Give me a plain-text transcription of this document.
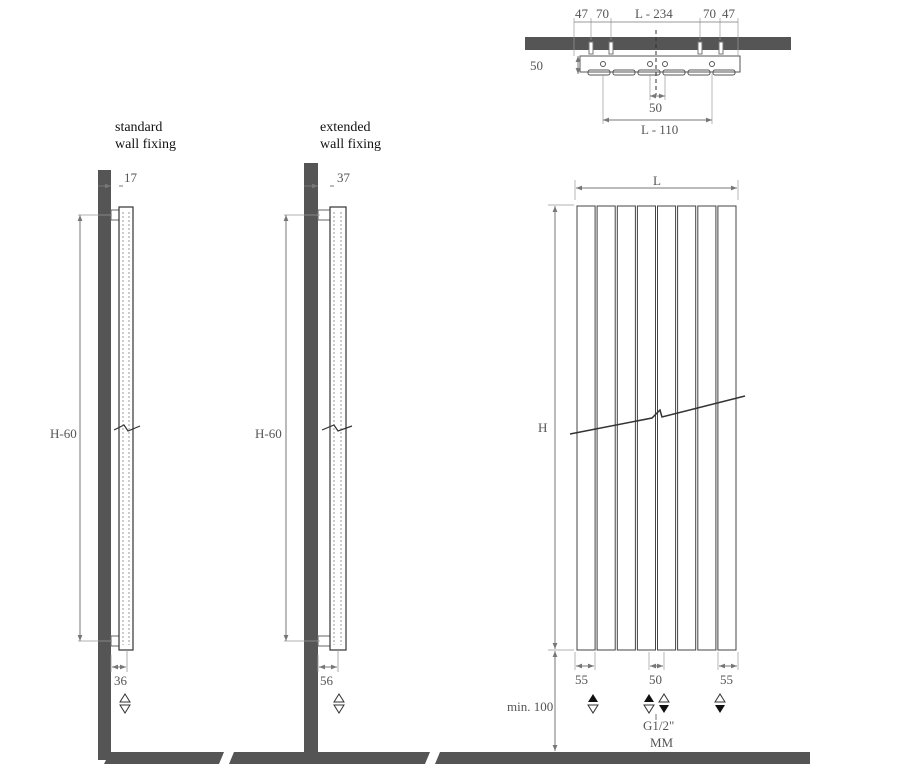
standard
wall fixing
17
H-60
36
extended
wall fixing
37
H-60
56
47 70 L - 234 70 47
50
50
L - 110
L
H
min. 100
55	50	55
G1/2"
MM
